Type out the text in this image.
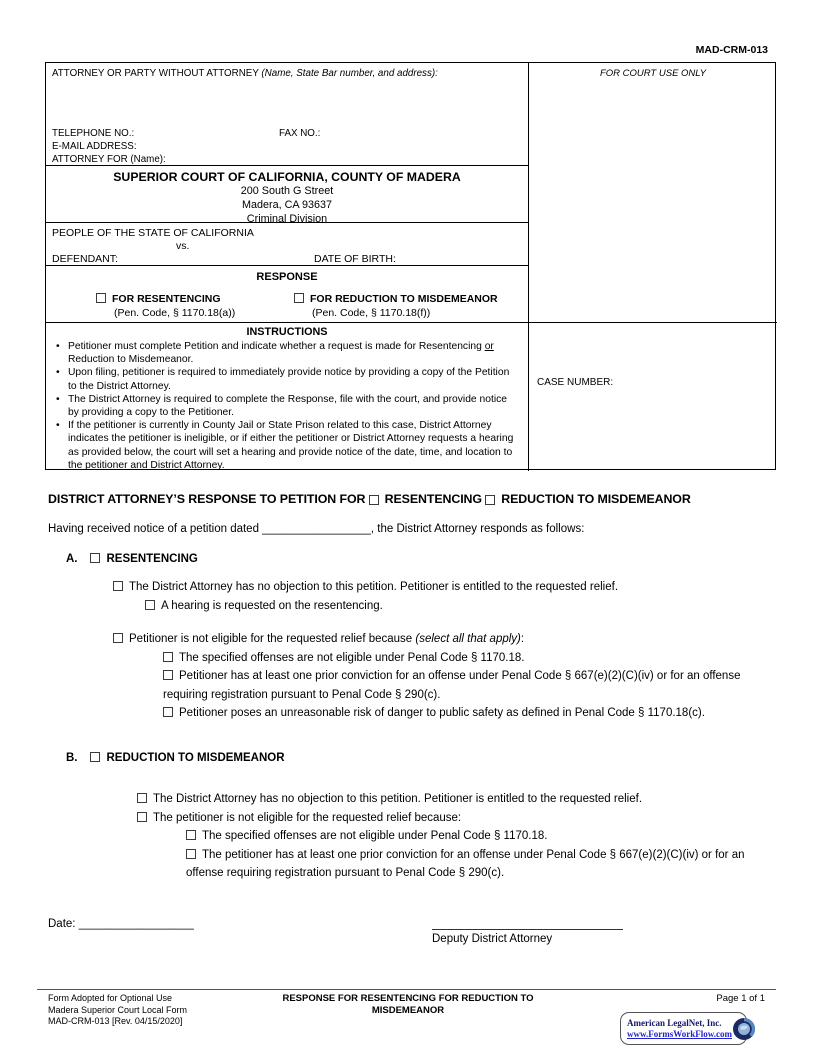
MAD-CRM-013
ATTORNEY OR PARTY WITHOUT ATTORNEY (Name, State Bar number, and address):
TELEPHONE NO.:	FAX NO.:
E-MAIL ADDRESS:
ATTORNEY FOR (Name):
SUPERIOR COURT OF CALIFORNIA, COUNTY OF MADERA
200 South G Street
Madera, CA 93637
Criminal Division
PEOPLE OF THE STATE OF CALIFORNIA
vs.
DEFENDANT:	DATE OF BIRTH:
RESPONSE
FOR RESENTENCING
(Pen. Code, § 1170.18(a))
FOR REDUCTION TO MISDEMEANOR
(Pen. Code, § 1170.18(f))
INSTRUCTIONS
• Petitioner must complete Petition and indicate whether a request is made for Resentencing or Reduction to Misdemeanor.
• Upon filing, petitioner is required to immediately provide notice by providing a copy of the Petition to the District Attorney.
• The District Attorney is required to complete the Response, file with the court, and provide notice by providing a copy to the Petitioner.
• If the petitioner is currently in County Jail or State Prison related to this case, District Attorney indicates the petitioner is ineligible, or if either the petitioner or District Attorney requests a hearing as provided below, the court will set a hearing and provide notice of the date, time, and location to the petitioner and District Attorney.
FOR COURT USE ONLY
CASE NUMBER:
DISTRICT ATTORNEY’S RESPONSE TO PETITION FOR RESENTENCING REDUCTION TO MISDEMEANOR
Having received notice of a petition dated _________________, the District Attorney responds as follows:
A.	RESENTENCING
The District Attorney has no objection to this petition. Petitioner is entitled to the requested relief.
A hearing is requested on the resentencing.
Petitioner is not eligible for the requested relief because (select all that apply):
The specified offenses are not eligible under Penal Code § 1170.18.
Petitioner has at least one prior conviction for an offense under Penal Code § 667(e)(2)(C)(iv) or for an offense requiring registration pursuant to Penal Code § 290(c).
Petitioner poses an unreasonable risk of danger to public safety as defined in Penal Code § 1170.18(c).
B.	REDUCTION TO MISDEMEANOR
The District Attorney has no objection to this petition. Petitioner is entitled to the requested relief.
The petitioner is not eligible for the requested relief because:
The specified offenses are not eligible under Penal Code § 1170.18.
The petitioner has at least one prior conviction for an offense under Penal Code § 667(e)(2)(C)(iv) or for an  offense requiring registration pursuant to Penal Code § 290(c).
Date: __________________
Deputy District Attorney
Form Adopted for Optional Use
Madera Superior Court Local Form
MAD-CRM-013 [Rev. 04/15/2020]
RESPONSE FOR RESENTENCING FOR REDUCTION TO MISDEMEANOR
Page 1 of 1
American LegalNet, Inc.
www.FormsWorkFlow.com
